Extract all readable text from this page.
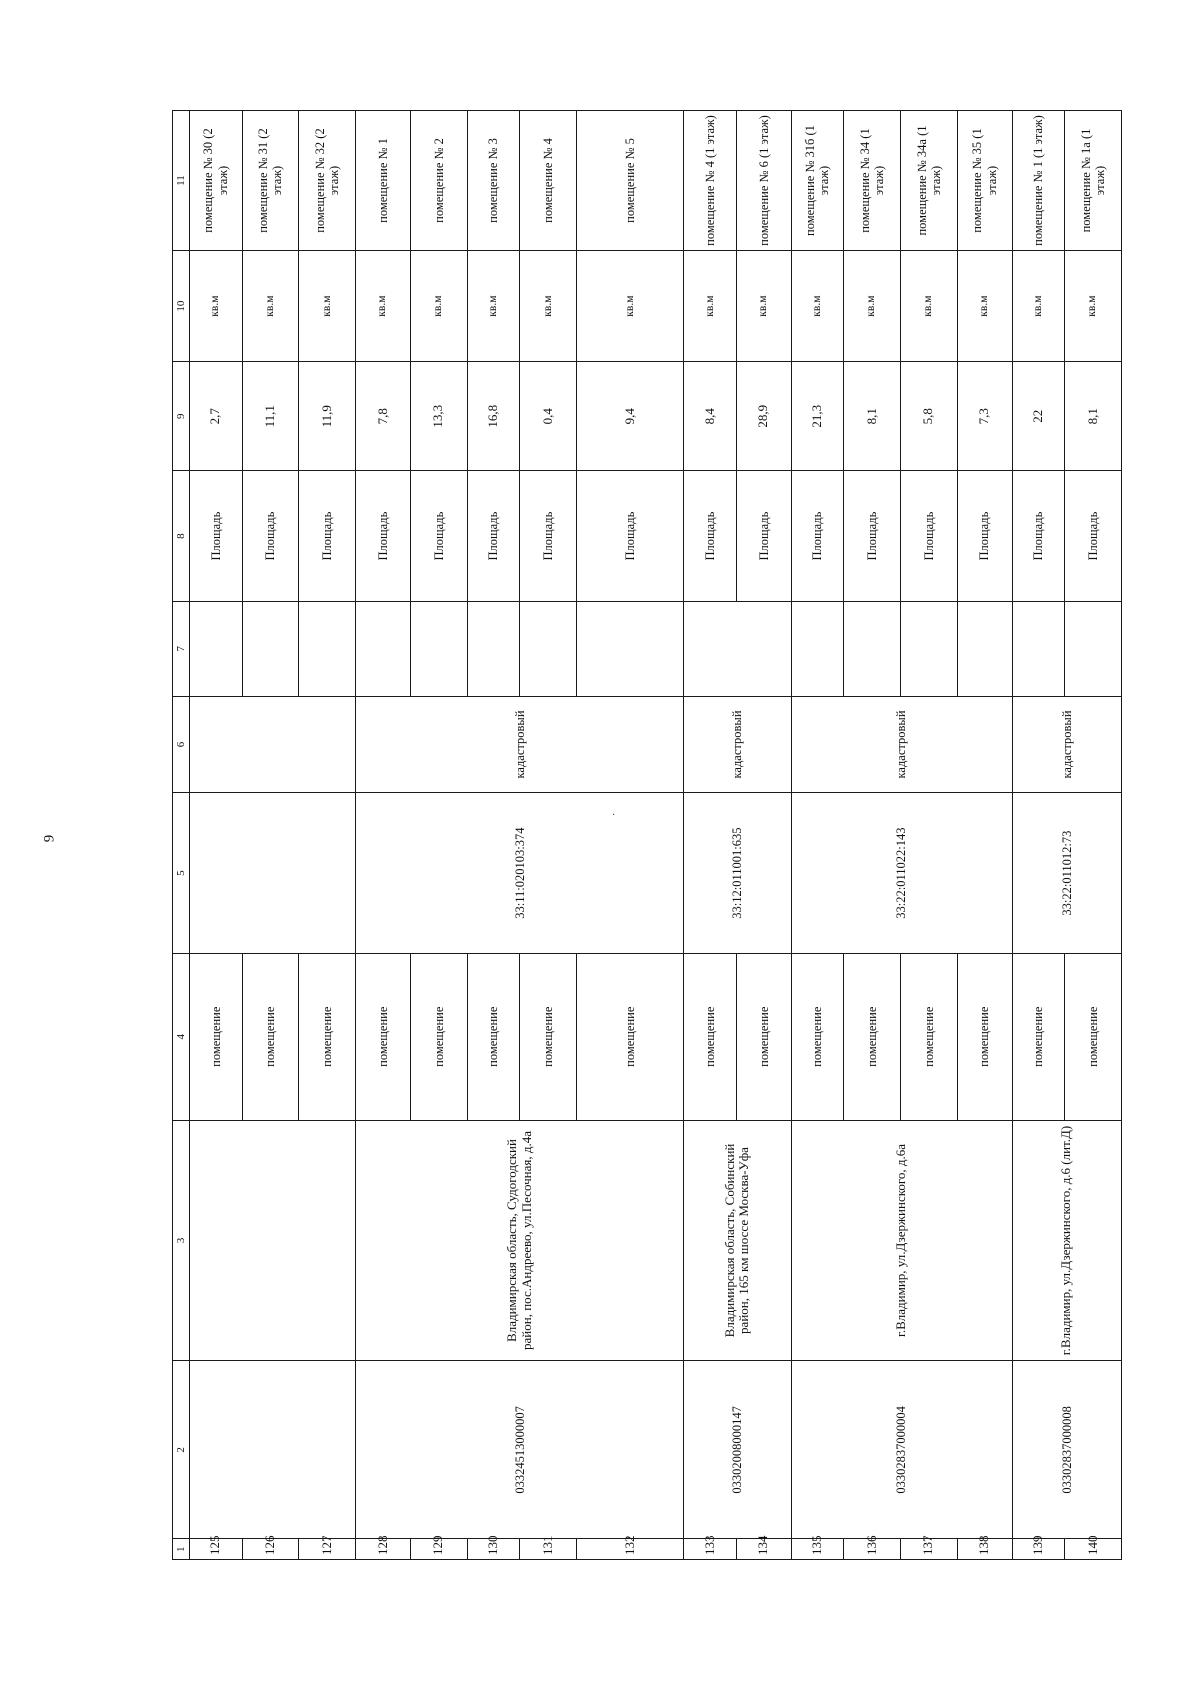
9
·
1	2	3	4	5	6	7	8	9	10	11
125			помещение				Площадь	2,7	кв.м	помещение № 30 (2 этаж)
126			помещение				Площадь	11,1	кв.м	помещение № 31 (2 этаж)
127			помещение				Площадь	11,9	кв.м	помещение № 32 (2 этаж)
128	03324513000007	Владимирская область, Судогодский район, пос.Андреево, ул.Песочная, д.4а	помещение	33:11:020103:374	кадастровый		Площадь	7,8	кв.м	помещение № 1
129			помещение				Площадь	13,3	кв.м	помещение № 2
130			помещение				Площадь	16,8	кв.м	помещение № 3
131			помещение				Площадь	0,4	кв.м	помещение № 4
132			помещение				Площадь	9,4	кв.м	помещение № 5
133	03302008000147	Владимирская область, Собинский район, 165 км шоссе Москва-Уфа	помещение	33:12:011001:635	кадастровый		Площадь	8,4	кв.м	помещение № 4 (1 этаж)
134			помещение				Площадь	28,9	кв.м	помещение № 6 (1 этаж)
135	03302837000004	г.Владимир, ул.Дзержинского, д.6а	помещение	33:22:011022:143	кадастровый		Площадь	21,3	кв.м	помещение № 31б (1 этаж)
136			помещение				Площадь	8,1	кв.м	помещение № 34 (1 этаж)
137			помещение				Площадь	5,8	кв.м	помещение № 34а (1 этаж)
138			помещение				Площадь	7,3	кв.м	помещение № 35 (1 этаж)
139	03302837000008	г.Владимир, ул.Дзержинского, д.6 (лит.Д)	помещение	33:22:011012:73	кадастровый		Площадь	22	кв.м	помещение № 1 (1 этаж)
140			помещение				Площадь	8,1	кв.м	помещение № 1а (1 этаж)
